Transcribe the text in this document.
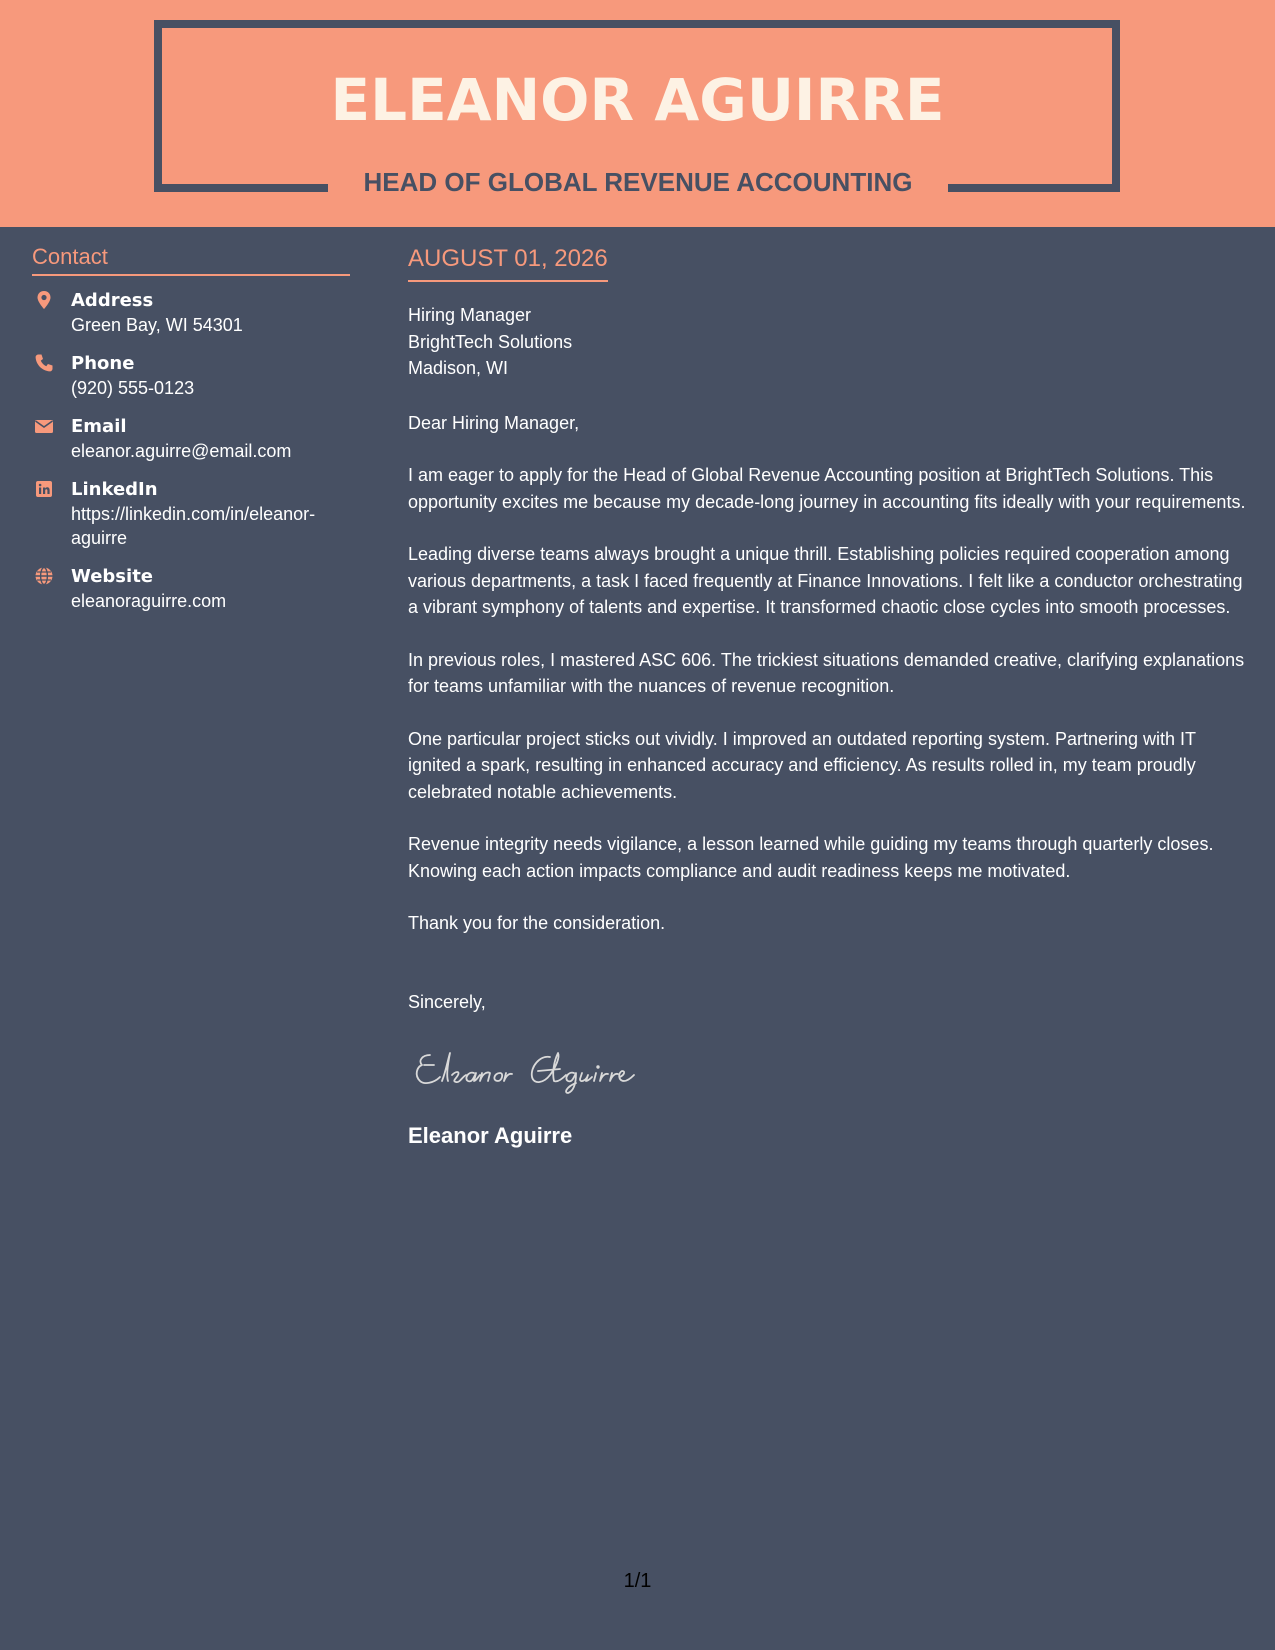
ELEANOR AGUIRRE
HEAD OF GLOBAL REVENUE ACCOUNTING
Contact
Address
Green Bay, WI 54301
Phone
(920) 555-0123
Email
eleanor.aguirre@email.com
LinkedIn
https://linkedin.com/in/eleanor-aguirre
Website
eleanoraguirre.com
AUGUST 01, 2026
Hiring Manager
BrightTech Solutions
Madison, WI
Dear Hiring Manager,
I am eager to apply for the Head of Global Revenue Accounting position at BrightTech Solutions. This opportunity excites me because my decade-long journey in accounting fits ideally with your requirements.
Leading diverse teams always brought a unique thrill. Establishing policies required cooperation among various departments, a task I faced frequently at Finance Innovations. I felt like a conductor orchestrating a vibrant symphony of talents and expertise. It transformed chaotic close cycles into smooth processes.
In previous roles, I mastered ASC 606. The trickiest situations demanded creative, clarifying explanations for teams unfamiliar with the nuances of revenue recognition.
One particular project sticks out vividly. I improved an outdated reporting system. Partnering with IT ignited a spark, resulting in enhanced accuracy and efficiency. As results rolled in, my team proudly celebrated notable achievements.
Revenue integrity needs vigilance, a lesson learned while guiding my teams through quarterly closes. Knowing each action impacts compliance and audit readiness keeps me motivated.
Thank you for the consideration.
Sincerely,
Eleanor Aguirre
1/1
